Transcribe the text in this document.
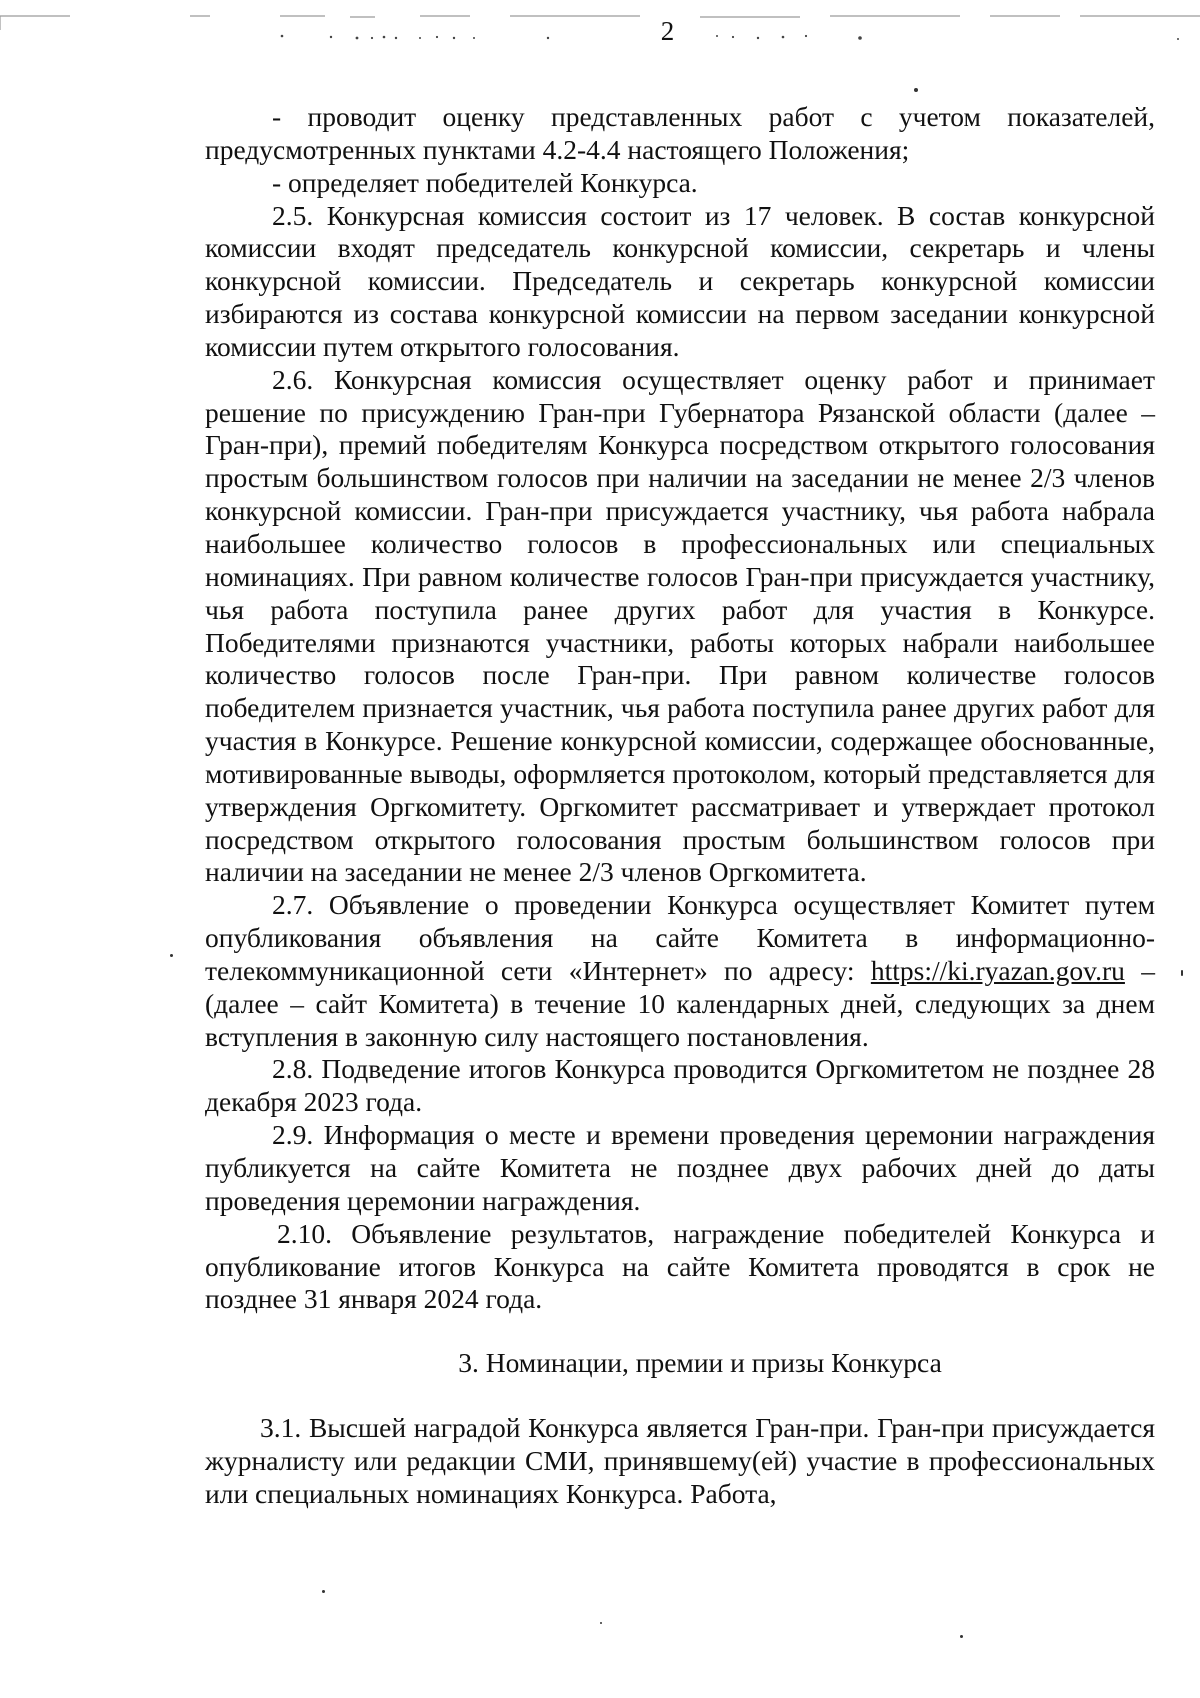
2

- проводит оценку представленных работ с учетом показателей, предусмотренных пунктами 4.2-4.4 настоящего Положения;

- определяет победителей Конкурса.

2.5. Конкурсная комиссия состоит из 17 человек. В состав конкурсной комиссии входят председатель конкурсной комиссии, секретарь и члены конкурсной комиссии. Председатель и секретарь конкурсной комиссии избираются из состава конкурсной комиссии на первом заседании конкурсной комиссии путем открытого голосования.

2.6. Конкурсная комиссия осуществляет оценку работ и принимает решение по присуждению Гран-при Губернатора Рязанской области (далее – Гран-при), премий победителям Конкурса посредством открытого голосования простым большинством голосов при наличии на заседании не менее 2/3 членов конкурсной комиссии. Гран-при присуждается участнику, чья работа набрала наибольшее количество голосов в профессиональных или специальных номинациях. При равном количестве голосов Гран-при присуждается участнику, чья работа поступила ранее других работ для участия в Конкурсе. Победителями признаются участники, работы которых набрали наибольшее количество голосов после Гран-при. При равном количестве голосов победителем признается участник, чья работа поступила ранее других работ для участия в Конкурсе. Решение конкурсной комиссии, содержащее обоснованные, мотивированные выводы, оформляется протоколом, который представляется для утверждения Оргкомитету. Оргкомитет рассматривает и утверждает протокол посредством открытого голосования простым большинством голосов при наличии на заседании не менее 2/3 членов Оргкомитета.

2.7. Объявление о проведении Конкурса осуществляет Комитет путем опубликования объявления на сайте Комитета в информационно-телекоммуникационной сети «Интернет» по адресу: https://ki.ryazan.gov.ru – (далее – сайт Комитета) в течение 10 календарных дней, следующих за днем вступления в законную силу настоящего постановления.

2.8. Подведение итогов Конкурса проводится Оргкомитетом не позднее 28 декабря 2023 года.

2.9. Информация о месте и времени проведения церемонии награждения публикуется на сайте Комитета не позднее двух рабочих дней до даты проведения церемонии награждения.

2.10. Объявление результатов, награждение победителей Конкурса и опубликование итогов Конкурса на сайте Комитета проводятся в срок не позднее 31 января 2024 года.

3. Номинации, премии и призы Конкурса

3.1. Высшей наградой Конкурса является Гран-при. Гран-при присуждается журналисту или редакции СМИ, принявшему(ей) участие в профессиональных или специальных номинациях Конкурса. Работа,
